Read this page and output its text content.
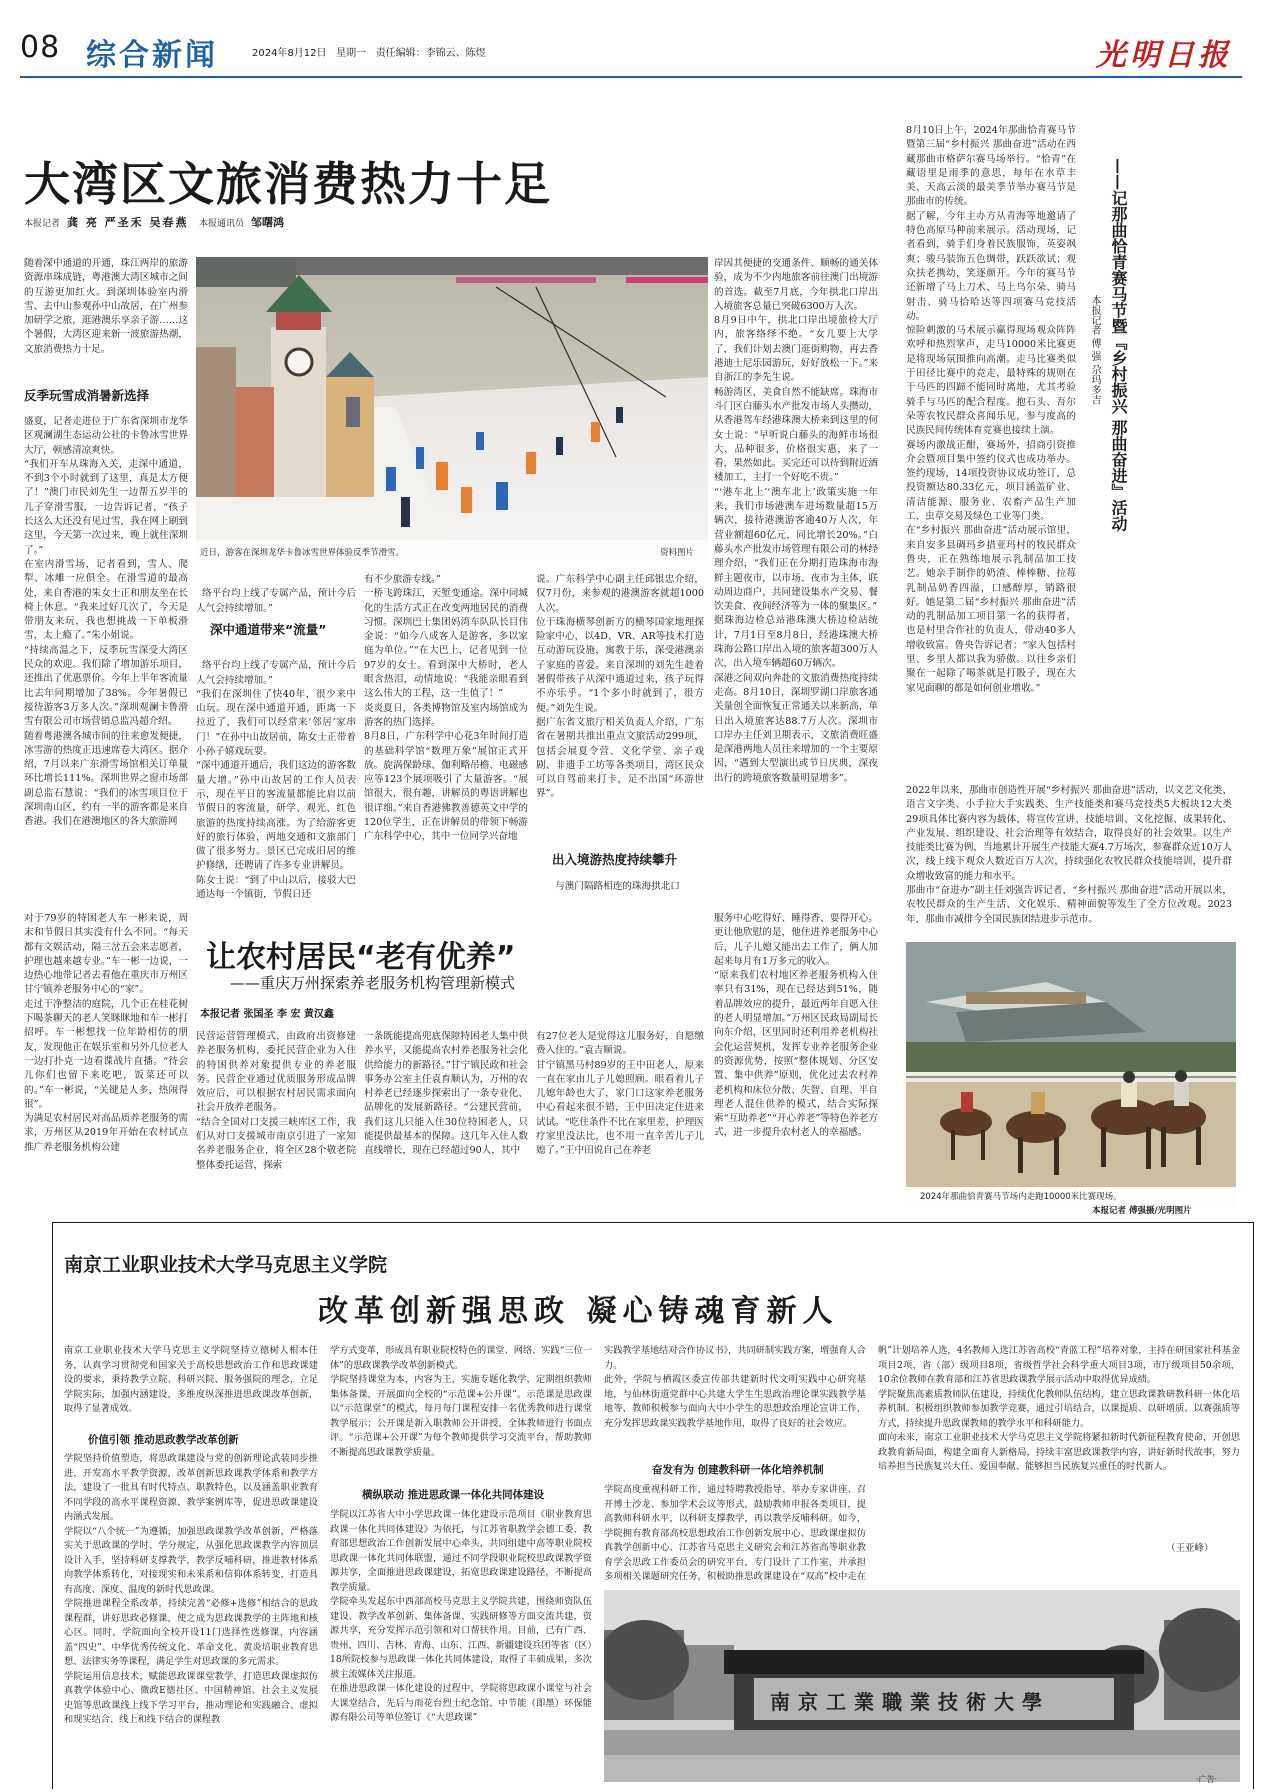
08 综合新闻	2024年8月12日 星期一 责任编辑：李锦云、陈煜	光明日报
大湾区文旅消费热力十足
本报记者 龚 亮 严圣禾 吴春燕 本报通讯员 邹曙鸿
随着深中通道的开通，珠江两岸的旅游资源串珠成链，粤港澳大湾区城市之间的互游更加红火。到深圳体验室内滑雪、去中山参观孙中山故居，在广州参加研学之旅，逛港澳乐享亲子游……这个暑假，大湾区迎来新一波旅游热潮，文旅消费热力十足。
反季玩雪成消暑新选择
盛夏，记者走进位于广东省深圳市龙华区观澜湖生态运动公社的卡鲁冰雪世界大厅，顿感清凉爽快。
“我们开车从珠海入关，走深中通道，不到3个小时就到了这里，真是太方便了！”澳门市民刘先生一边帮五岁半的儿子穿滑雪服，一边告诉记者，“孩子长这么大还没有见过雪，我在网上刷到这里，今天第一次过来，晚上就住深圳了。”
在室内滑雪场，记者看到，雪人、爬犁、冰雕一应俱全。在滑雪道的最高处，来自香港的朱女士正和朋友坐在长椅上休息。“我来过好几次了，今天是带朋友来玩，我也想挑战一下单板滑雪，太上瘾了。”朱小姐说。
“持续高温之下，反季玩雪深受大湾区民众的欢迎。我们除了增加游乐项目，还推出了优惠票价。今年上半年客流量比去年同期增加了38%。今年暑假已接待游客3万多人次。”深圳观澜卡鲁滑雪有限公司市场营销总监冯超介绍。
随着粤港澳各城市间的往来愈发便捷，冰雪游的热度正迅速席卷大湾区。据介绍，7月以来广东滑雪场馆相关订单量环比增长111%。深圳世界之窗市场部副总监石慧说：“我们的冰雪项目位于深圳南山区，约有一半的游客都是来自香港。我们在港澳地区的各大旅游网
近日，游客在深圳龙华卡鲁冰雪世界体验反季节滑雪。	资料图片

络平台均上线了专属产品，预计今后人气会持续增加。”

深中通道带来“流量”

络平台均上线了专属产品，预计今后人气会持续增加。”
“我们在深圳住了快40年，很少来中山玩。现在深中通道开通，距离一下拉近了，我们可以经常来‘邻居’家串门！”在孙中山故居前，陈女士正带着小孙子嬉戏玩耍。
“深中通道开通后，我们这边的游客数量大增。”孙中山故居的工作人员表示，现在平日的客流量都能比肩以前节假日的客流量，研学、观光、红色旅游的热度持续高涨。为了给游客更好的旅行体验，两地交通和文旅部门做了很多努力。景区已完成旧居的维护修缮，还聘请了许多专业讲解员。
陈女士说：“到了中山以后，接驳大巴通达每一个镇街，节假日还

有不少旅游专线。”
一桥飞跨珠江，天堑变通途。深中同城化的生活方式正在改变两地居民的消费习惯。深圳巴士集团妈湾车队队长目伟金说：“如今八成客人是游客，多以家庭为单位。”“在大巴上，记者见到一位97岁的女士。看到深中大桥时，老人眼含热泪，动情地说：“我能亲眼看到这么伟大的工程，这一生值了！”
炎炎夏日，各类博物馆及室内场馆成为游客的热门选择。
8月8日，广东科学中心花3年时间打造的基础科学馆“数理万象”展馆正式开放。旋涡保龄球、伽利略吊檐、电磁感应等123个展项吸引了大量游客。“展馆很大，很有趣，讲解员的粤语讲解也很详细。”来自香港佛教善德英文中学的120位学生，正在讲解员的带领下畅游广东科学中心，其中一位同学兴奋地
说。广东科学中心副主任邱银忠介绍，仅7月份，来参观的港澳游客就超1000人次。
位于珠海横琴创新方的横琴国家地理探险家中心，以4D、VR、AR等技术打造互动游玩设施，寓教于乐，深受港澳亲子家庭的喜爱。来自深圳的刘先生趁着暑假带孩子从深中通道过来，孩子玩得不亦乐乎。“1个多小时就到了，很方便。”刘先生说。
据广东省文旅厅相关负责人介绍，广东省在暑期共推出重点文旅活动299项，包括会展夏令营、文化学堂、亲子戏剧、非遗手工坊等各类项目，湾区民众可以自驾前来打卡，足不出国“环游世界”。
出入境游热度持续攀升
与澳门隔路相连的珠海拱北口
岸因其便捷的交通条件、顺畅的通关体验，成为不少内地旅客前往澳门出境游的首选。截至7月底，今年拱北口岸出入境旅客总量已突破6300万人次。
8月9日中午，拱北口岸出境旅检大厅内，旅客络绎不绝。“女儿要上大学了，我们计划去澳门逛街购物，再去香港迪士尼乐园游玩，好好放松一下。”来自浙江的李先生说。
畅游湾区，美食自然不能缺席。珠海市斗门区白藤头水产批发市场人头攒动，从香港驾车经港珠澳大桥来到这里的何女士说：“早听说白藤头的海鲜市场很大，品种很多，价格很实惠，来了一看，果然如此。买完还可以待到附近酒楼加工，主打一个好吃不贵。”
“‘港车北上’‘澳车北上’政策实施一年来，我们市场港澳车进场数量超15万辆次，接待港澳游客逾40万人次，年营业额超60亿元，同比增长20%。”白藤头水产批发市场管理有限公司的林经理介绍，“我们正在分期打造珠海市海鲜主题夜市，以市场、夜市为主体，联动周边商户，共同建设集水产交易、餐饮美食、夜间经济等为一体的聚集区。”
据珠海边检总站港珠澳大桥边检站统计，7月1日至8月8日，经港珠澳大桥珠海公路口岸出入境的旅客超300万人次，出入境车辆超60万辆次。
深港之间双向奔赴的文旅消费热度持续走高。8月10日，深圳罗湖口岸旅客通关量创全面恢复正常通关以来新高，单日出入境旅客达88.7万人次。深圳市口岸办主任刘卫期表示，文旅消费旺盛是深港两地人员往来增加的一个主要原因，“遇到大型演出或节日庆典，深夜出行的跨境旅客数量明显增多”。
——记那曲恰青赛马节暨『乡村振兴 那曲奋进』活动
本报记者 傅 强 尕玛多吉
8月10日上午，2024年那曲恰青赛马节暨第三届“乡村振兴 那曲奋进”活动在西藏那曲市格萨尔赛马场举行。“恰青”在藏语里是雨季的意思，每年在水草丰美、天高云淡的最美季节举办赛马节是那曲市的传统。
据了解，今年主办方从青海等地邀请了特色高原马种前来展示。活动现场，记者看到，骑手们身着民族服饰，英姿飒爽；骏马装饰五色绸带，跃跃欲试；观众扶老携幼，笑逐颜开。今年的赛马节还新增了马上刀术、马上乌尔朵、骑马射击、骑马拾哈达等四项赛马竞技活动。
惊险刺激的马术展示赢得现场观众阵阵欢呼和热烈掌声，走马10000米比赛更是将现场氛围推向高潮。走马比赛类似于田径比赛中的竞走，最特殊的规则在于马匹的四蹄不能同时离地，尤其考验骑手与马匹的配合程度。抱石头、吾尔朵等农牧民群众喜闻乐见，参与度高的民族民间传统体育竞赛也接续上演。
赛场内激战正酣，赛场外，招商引资推介会暨项目集中签约仪式也成功举办。签约现场，14项投资协议成功签订，总投资额达80.33亿元，项目涵盖矿业、清洁能源、服务业、农畜产品生产加工、虫草交易及绿色工业等门类。
在“乡村振兴 那曲奋进”活动展示馆里，来自安多县碉玛乡措亚玛村的牧民群众鲁央，正在熟练地展示乳制品加工技艺。她亲手制作的奶渣、棒棒糖、拉莓乳制品奶香四溢，口感醇厚，销路很好。她是第二届“乡村振兴 那曲奋进”活动的乳制品加工项目第一名的获得者，也是村里合作社的负责人，带动40多人增收致富。鲁央告诉记者：“家人包括村里、乡里人都以我为骄傲。以往乡亲们聚在一起除了喝茶就是打骰子，现在大家见面聊的都是如何创业增收。”
2022年以来，那曲市创造性开展“乡村振兴 那曲奋进”活动，以文艺文化类、语言文字类、小手拉大手实践类、生产技能类和赛马竞技类5大板块12大类29项具体比赛内容为载体，将宣传宣讲、技能培训、文化挖掘、成果转化、产业发展、组织建设、社会治理等有效结合，取得良好的社会效果。以生产技能类比赛为例，当地累计开展生产技能大赛4.7万场次，参赛群众近10万人次，线上线下观众人数近百万人次，持续强化农牧民群众技能培训，提升群众增收致富的能力和水平。
那曲市“奋进办”副主任刘强告诉记者，“乡村振兴 那曲奋进”活动开展以来，农牧民群众的生产生活、文化娱乐、精神面貌等发生了全方位改观。2023年，那曲市减排今全国民族团结进步示范市。
2024年那曲恰青赛马节场内走跑10000米比赛现场。
本报记者 傅强摄/光明图片
对于79岁的特困老人车一彬来说，周末和节假日其实没有什么不同。“每天都有文娱活动，隔三岔五会来志愿者，护理也越来越专业。”车一彬一边说，一边热心地带记者去看他在重庆市万州区甘宁镇养老服务中心的“家”。
走过干净整洁的庭院，几个正在桂花树下喝茶聊天的老人笑眯眯地和车一彬打招呼。车一彬想找一位年龄相仿的朋友，发现他正在娱乐室和另外几位老人一边打扑克一边看谍战片直播。“待会儿你们也留下来吃吧，饭菜还可以的。”车一彬说，“关键是人多，热闹得很”。
为满足农村居民对高品质养老服务的需求，万州区从2019年开始在农村试点推广养老服务机构公建
让农村居民“老有优养”
——重庆万州探索养老服务机构管理新模式
本报记者 张国圣 李 宏 黄汉鑫
民营运营管理模式，由政府出资修建养老服务机构，委托民营企业为入住的特困供养对象提供专业的养老服务。民营企业通过优质服务形成品牌效应后，可以根据农村居民需求面向社会开放养老服务。
“结合全国对口支援三峡库区工作，我们从对口支援城市南京引进了一家知名养老服务企业，将全区28个敬老院整体委托运营，探索
一条既能提高兜底保障特困老人集中供养水平，又能提高农村养老服务社会化供给能力的新路径。”甘宁镇民政和社会事务办公室主任袁育顺认为，万州的农村养老已经逐步探索出了一条专业化、品牌化的发展新路径。“公建民营前，我们这儿只能入住30位特困老人，只能提供最基本的保障。这几年入住人数直线增长，现在已经超过90人，其中
有27位老人是觉得这儿服务好，自愿缴费入住的。”袁吉顺说。
甘宁镇黑马村89岁的王中田老人，原来一直在家由儿子儿媳照顾。眼看着儿子儿媳年龄也大了，家门口这家养老服务中心看起来很不错，王中田决定住进来试试。“吃住条件不比在家里差，护理医疗家里没法比，也不用一直辛苦儿子儿媳了。”王中田说自己在养老
服务中心吃得好、睡得香、耍得开心。更让他欣慰的是，他住进养老服务中心后，儿子儿媳又能出去工作了，俩人加起来每月有1万多元的收入。
“原来我们农村地区养老服务机构入住率只有31%，现在已经达到51%，随着品牌效应的提升，最近两年自愿入住的老人明显增加。”万州区民政局副局长向东介绍，区里同时还利用养老机构社会化运营契机，发挥专业养老服务企业的资源优势，按照“整体规划、分区安置、集中供养”原则，优化过去农村养老机构和床位分散、失智、自理、半自理老人混住供养的模式，结合实际探索“互助养老”“开心养老”等特色养老方式，进一步提升农村老人的幸福感。
南京工业职业技术大学马克思主义学院
改革创新强思政 凝心铸魂育新人
南京工业职业技术大学马克思主义学院坚持立德树人根本任务，认真学习贯彻党和国家关于高校思想政治工作和思政课建设的要求，秉持教学立院、科研兴院、服务强院的理念，立足学院实际，加强内涵建设，多维度纵深推进思政课改革创新，取得了显著成效。
价值引领 推动思政教学改革创新
学院坚持价值塑造，将思政课建设与党的创新理论武装同步推进，开发高水平教学资源，改革创新思政课教学体系和教学方法，建设了一批具有时代特点、职教特色，以及涵盖职业教育不同学段的高水平课程资源、教学案例库等，促进思政课建设内涵式发展。
学院以“八个统一”为遵循，加强思政课教学改革创新，严格落实关于思政课的学时、学分规定，从强化思政课教学内容顶层设计入手，坚持科研支撑教学，教学反哺科研，推进教材体系向教学体系转化，对接现实和未来系和信仰体系转变，打造具有高度、深度、温度的新时代思政课。
学院推进课程全系改革，持续完善“必修+选修”相结合的思政课程群，讲好思政必修课，使之成为思政课教学的主阵地和核心区。同时，学院面向全校开设11门选择性选修课，内容涵盖“四史”、中华优秀传统文化、革命文化、黄炎培职业教育思想、法律实务等课程，满足学生对思政课的多元需求。
学院运用信息技术，赋能思政课课堂教学，打造思政课虚拟仿真教学体验中心、微政E德社区、中国精神馆、社会主义发展史馆等思政课线上线下学习平台，推动理论和实践融合、虚拟和现实结合、线上和线下结合的课程教
学方式变革，形成具有职业院校特色的课堂、网络、实践“三位一体”的思政课教学改革创新模式。
学院坚持课堂为本，内容为王，实施专题化教学，定期组织教师集体备课，开展面向全校的“示范课+公开课”。示范课是思政课以“示范课堂”的模式，每月每门课程安排一名优秀教师进行课堂教学展示；公开课是新入职教师公开讲授，全体教师进行书面点评。“示范课+公开课”为每个教师提供学习交流平台，帮助教师不断提高思政课教学质量。
横纵联动 推进思政课一体化共同体建设
学院以江苏省大中小学思政课一体化建设示范项目《职业教育思政课一体化共同体建设》为依托，与江苏省职教学会德工委、教育部思想政治工作创新发展中心牵头，共同组建中高等职业院校思政课一体化共同体联盟，通过不同学段职业院校思政课教学资源共享，全面推进思政课建设，拓宽思政课建设路径，不断提高教学质量。
学院牵头发起东中西部高校马克思主义学院共建，围绕师资队伍建设、教学改革创新、集体备课、实践研修等方面交流共建，资源共享，充分发挥示范引领和对口帮扶作用。目前，已有广西、贵州、四川、吉林、青海、山东、江西、新疆建设兵团等省（区）18所院校参与思政课一体化共同体建设，取得了丰硕成果，多次被主流媒体关注报道。
在推进思政课一体化建设的过程中，学院将思政课小课堂与社会大课堂结合，先后与雨花台烈士纪念馆、中节能（即墨）环保能源有限公司等单位签订《“大思政课”
实践教学基地结对合作协议书》，共同研制实践方案，增强育人合力。
此外，学院与栖霞区委宣传部共建新时代文明实践中心研究基地，与仙林街道党群中心共建大学生生思政治理论课实践教学基地等，教师积极参与面向大中小学生的思想政治理论宣讲工作，充分发挥思政课实践教学基地作用，取得了良好的社会效应。
奋发有为 创建教科研一体化培养机制
学院高度重视科研工作，通过特聘教授指导、举办专家讲座、召开博士沙龙、参加学术会议等形式，鼓励教师申报各类项目，提高教师科研水平，以科研支撑教学，再以教学反哺科研。如今，学院拥有教育部高校思想政治工作创新发展中心、思政课虚拟仿真教学创新中心、江苏省马克思主义研究会和江苏省高等职业教育学会思政工作委员会的研究平台，专门设计了工作室，并承担多项相关课题研究任务，积极助推思政课建设在“双高”校中走在
帆”计划培养人选，4名教师入选江苏省高校“青蓝工程”培养对象，主持在研国家社科基金项目2项，省（部）级项目8项，省级哲学社会科学重大项目3项，市厅级项目50余项，10余位教师在教育部和江苏省思政课教学展示活动中取得优异成绩。
学院聚焦高素质教师队伍建设，持续优化教师队伍结构，建立思政课教研教科研一体化培养机制。积极组织教师参加教学竞赛，通过引培结合，以课提质、以研增质、以赛强质等方式，持续提升思政课教师的教学水平和科研能力。
面向未来，南京工业职业技术大学马克思主义学院将紧扣新时代新征程教育使命，开创思政教育新局面，构建全面育人新格局，持续丰富思政课教学内容，讲好新时代故事，努力培养担当民族复兴大任、爱国奉献、能够担当民族复兴重任的时代新人。
（王亚峰）
南京工業職業技術大學
·广告·
